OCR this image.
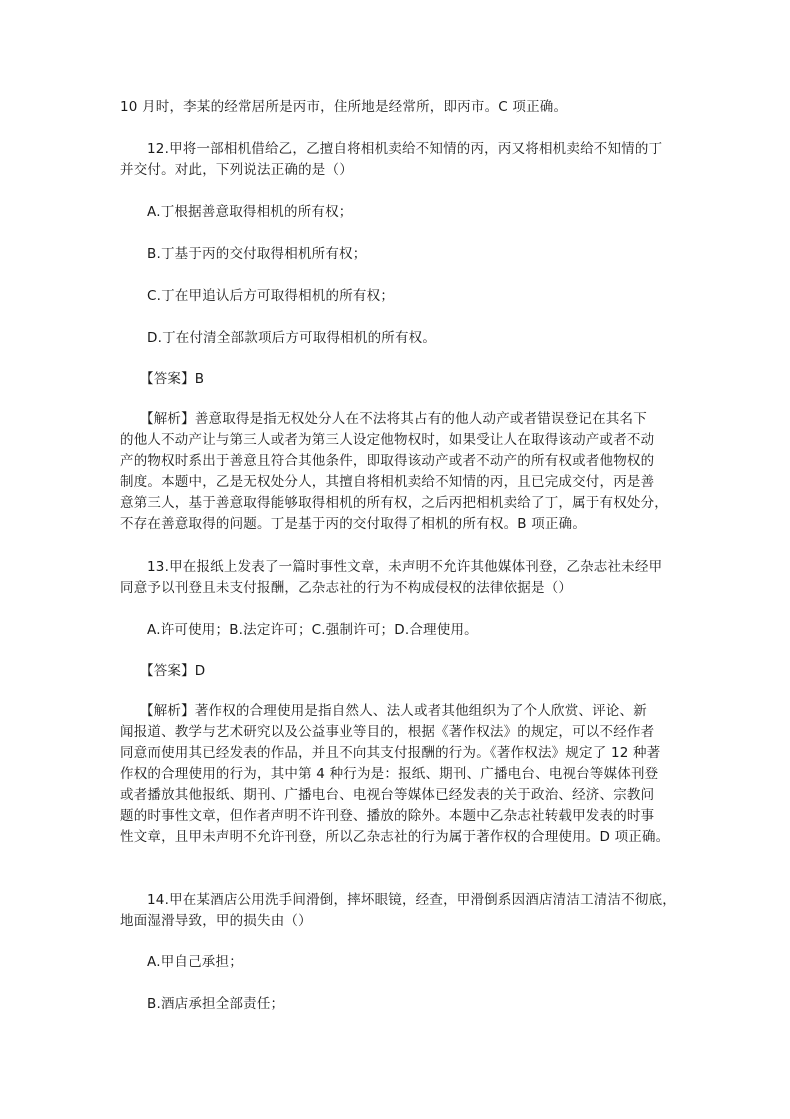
10 月时，李某的经常居所是丙市，住所地是经常所，即丙市。C 项正确。
12.甲将一部相机借给乙，乙擅自将相机卖给不知情的丙，丙又将相机卖给不知情的丁
并交付。对此，下列说法正确的是（）
A.丁根据善意取得相机的所有权；
B.丁基于丙的交付取得相机所有权；
C.丁在甲追认后方可取得相机的所有权；
D.丁在付清全部款项后方可取得相机的所有权。
【答案】B
【解析】善意取得是指无权处分人在不法将其占有的他人动产或者错误登记在其名下
的他人不动产让与第三人或者为第三人设定他物权时，如果受让人在取得该动产或者不动
产的物权时系出于善意且符合其他条件，即取得该动产或者不动产的所有权或者他物权的
制度。本题中，乙是无权处分人，其擅自将相机卖给不知情的丙，且已完成交付，丙是善
意第三人，基于善意取得能够取得相机的所有权，之后丙把相机卖给了丁，属于有权处分，
不存在善意取得的问题。丁是基于丙的交付取得了相机的所有权。B 项正确。
13.甲在报纸上发表了一篇时事性文章，未声明不允许其他媒体刊登，乙杂志社未经甲
同意予以刊登且未支付报酬，乙杂志社的行为不构成侵权的法律依据是（）
A.许可使用；B.法定许可；C.强制许可；D.合理使用。
【答案】D
【解析】著作权的合理使用是指自然人、法人或者其他组织为了个人欣赏、评论、新
闻报道、教学与艺术研究以及公益事业等目的，根据《著作权法》的规定，可以不经作者
同意而使用其已经发表的作品，并且不向其支付报酬的行为。《著作权法》规定了 12 种著
作权的合理使用的行为，其中第 4 种行为是：报纸、期刊、广播电台、电视台等媒体刊登
或者播放其他报纸、期刊、广播电台、电视台等媒体已经发表的关于政治、经济、宗教问
题的时事性文章，但作者声明不许刊登、播放的除外。本题中乙杂志社转载甲发表的时事
性文章，且甲未声明不允许刊登，所以乙杂志社的行为属于著作权的合理使用。D 项正确。
14.甲在某酒店公用洗手间滑倒，摔坏眼镜，经查，甲滑倒系因酒店清洁工清洁不彻底，
地面湿滑导致，甲的损失由（）
A.甲自己承担；
B.酒店承担全部责任；
